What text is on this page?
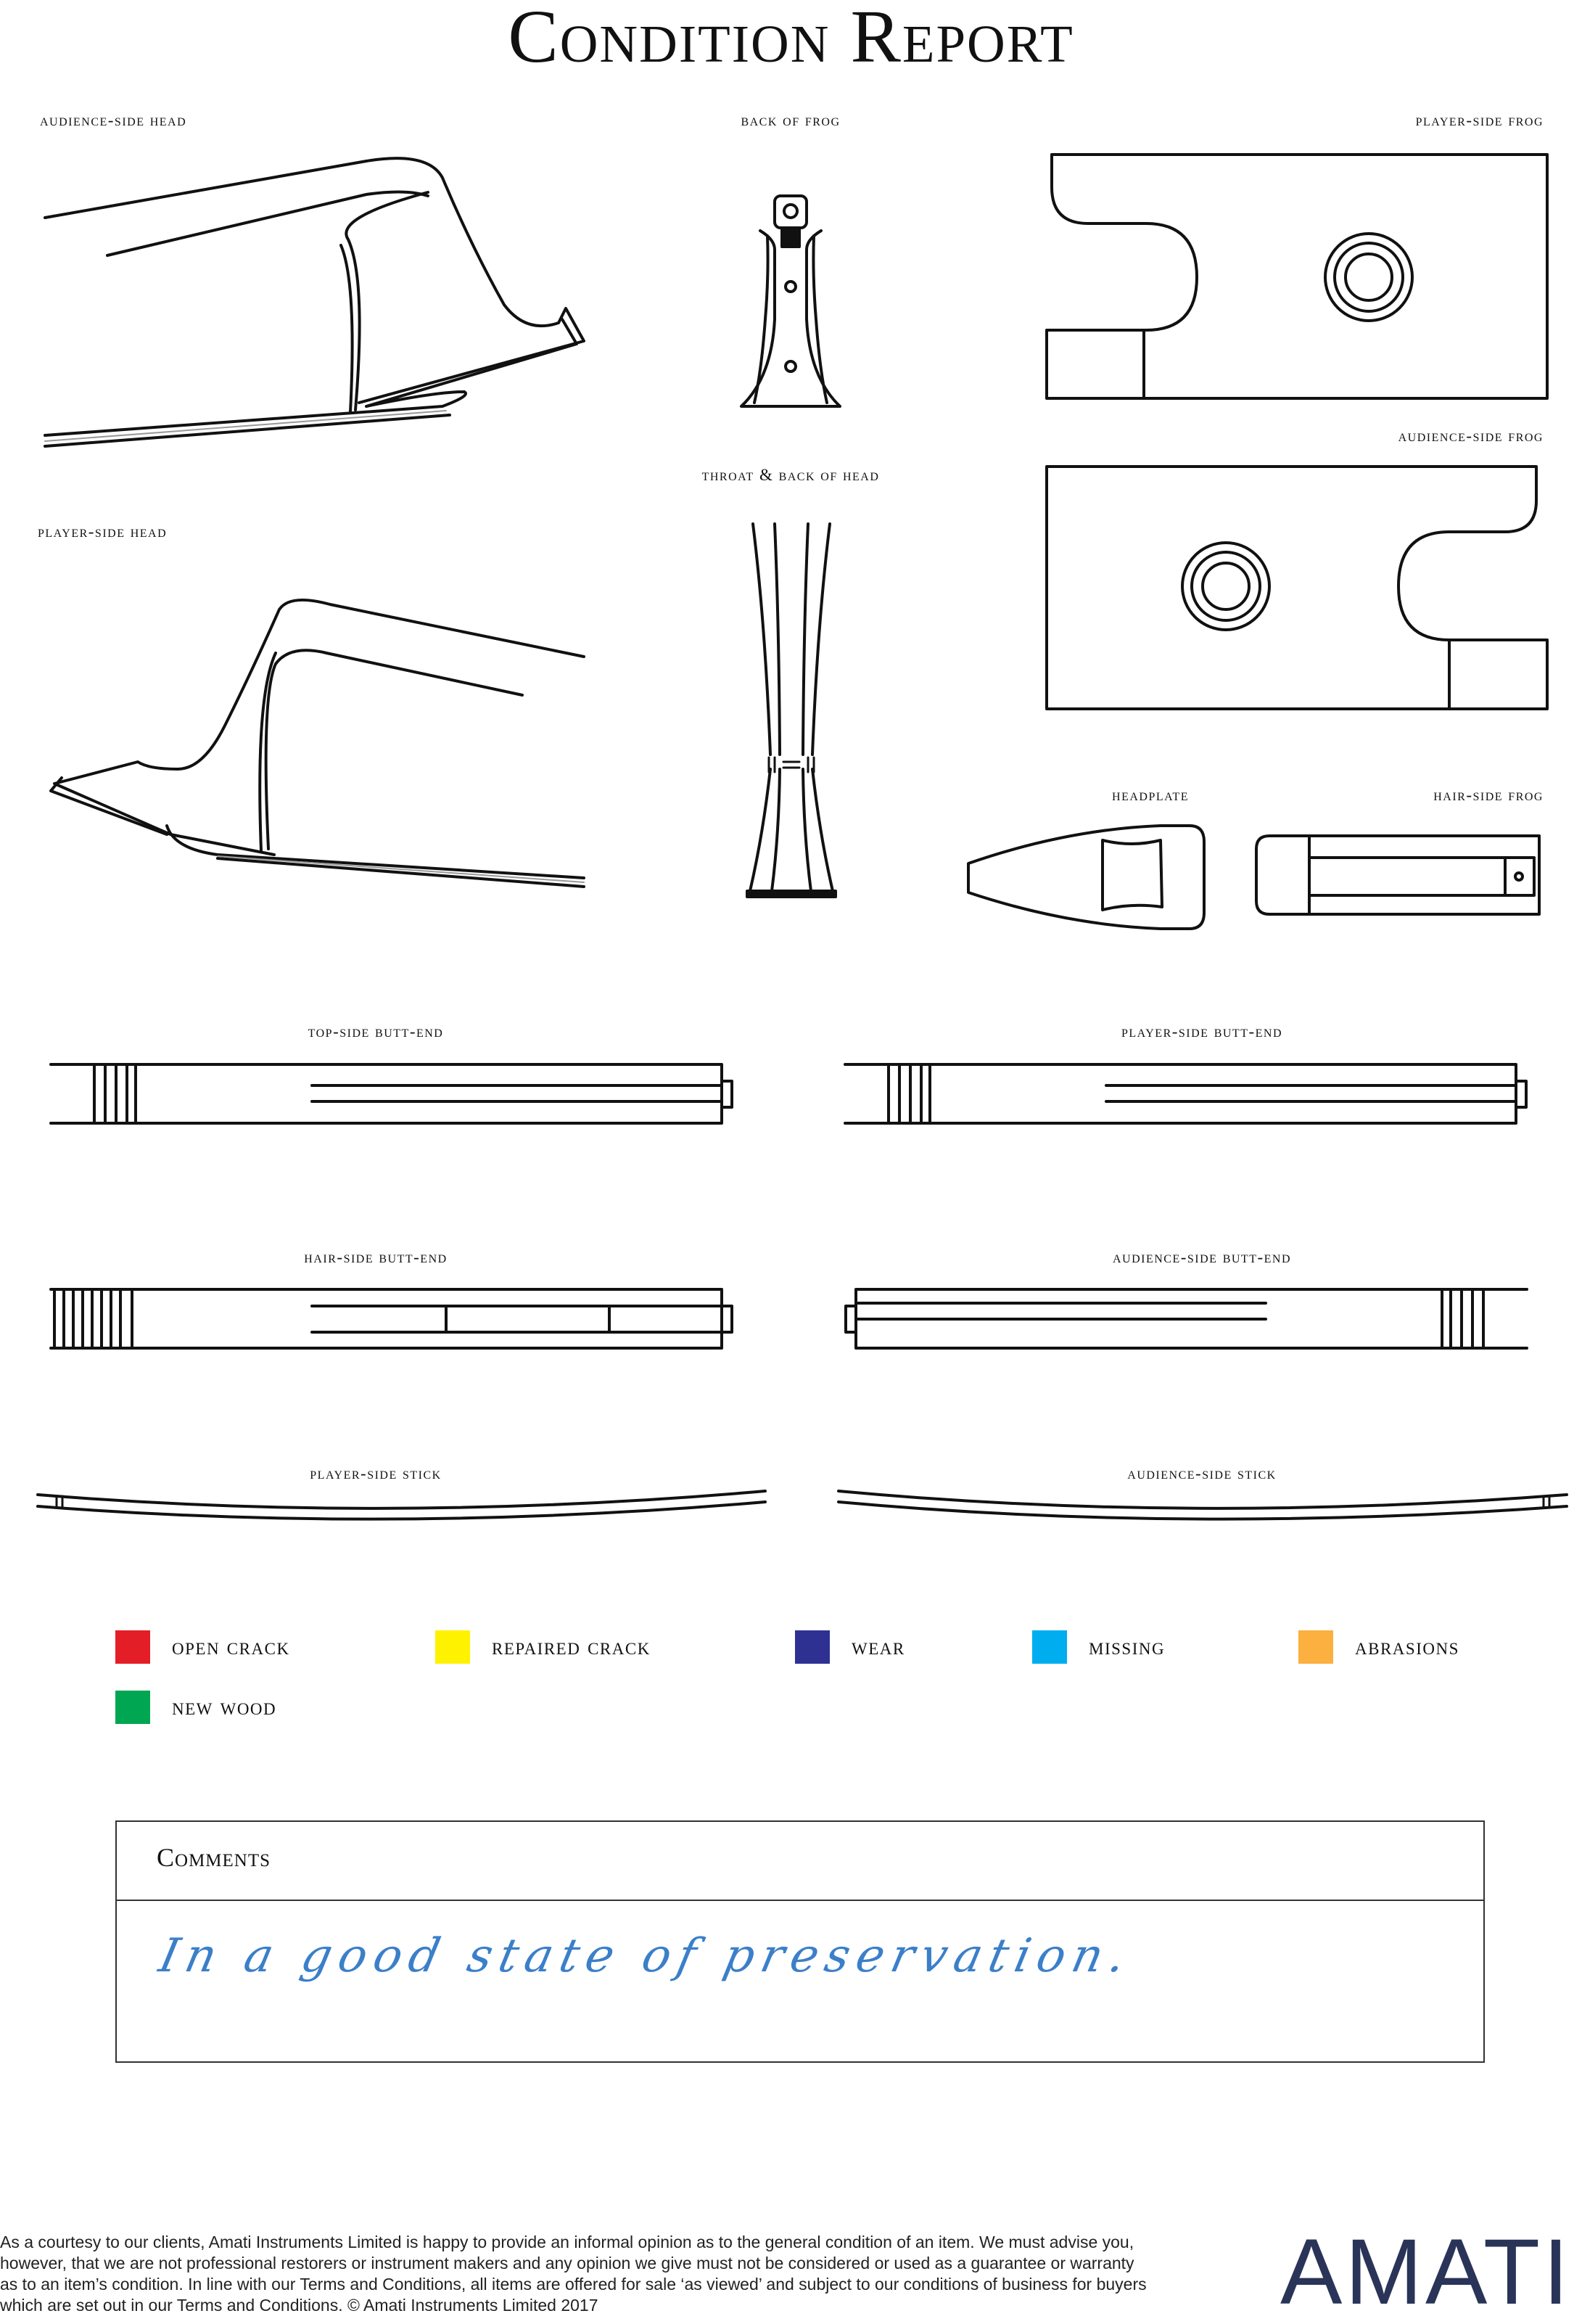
Condition Report
audience-side head	back of frog	player-side frog
audience-side frog
throat & back of head
player-side head
headplate	hair-side frog
top-side butt-end	player-side butt-end
hair-side butt-end	audience-side butt-end
player-side stick	audience-side stick
open crack	repaired crack	wear	missing	abrasions
new wood
Comments
In a good state of preservation.
As a courtesy to our clients, Amati Instruments Limited is happy to provide an informal opinion as to the general condition of an item. We must advise you, however, that we are not professional restorers or instrument makers and any opinion we give must not be considered or used as a guarantee or warranty as to an item’s condition. In line with our Terms and Conditions, all items are offered for sale ‘as viewed’ and subject to our conditions of business for buyers which are set out in our Terms and Conditions. © Amati Instruments Limited 2017	AMATI
